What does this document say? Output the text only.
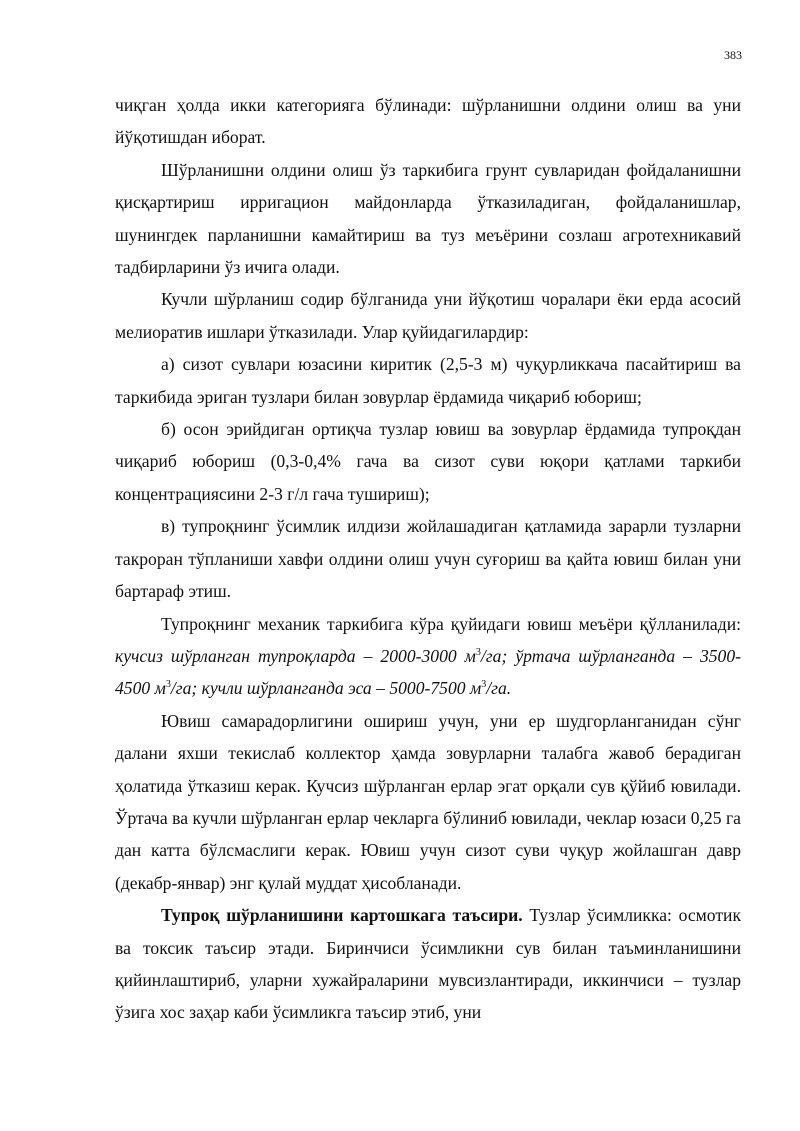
383

чиқган ҳолда икки категорияга бўлинади: шўрланишни олдини олиш ва уни йўқотишдан иборат.

Шўрланишни олдини олиш ўз таркибига грунт сувларидан фойдаланишни қисқартириш ирригацион майдонларда ўтказиладиган, фойдаланишлар, шунингдек парланишни камайтириш ва туз меъёрини созлаш агротехникавий тадбирларини ўз ичига олади.

Кучли шўрланиш содир бўлганида уни йўқотиш чоралари ёки ерда асосий мелиоратив ишлари ўтказилади. Улар қуйидагилардир:

а) сизот сувлари юзасини киритик (2,5-3 м) чуқурликкача пасайтириш ва таркибида эриган тузлари билан зовурлар ёрдамида чиқариб юбориш;

б) осон эрийдиган ортиқча тузлар ювиш ва зовурлар ёрдамида тупроқдан чиқариб юбориш (0,3-0,4% гача ва сизот суви юқори қатлами таркиби концентрациясини 2-3 г/л гача тушириш);

в) тупроқнинг ўсимлик илдизи жойлашадиган қатламида зарарли тузларни такроран тўпланиши хавфи олдини олиш учун суғориш ва қайта ювиш билан уни бартараф этиш.

Тупроқнинг механик таркибига кўра қуйидаги ювиш меъёри қўлланилади: кучсиз шўрланган тупроқларда – 2000-3000 $м^3/га$; ўртача шўрланганда – 3500-4500 $м^3/га$; кучли шўрланганда эса – 5000-7500 $м^3/га$.

Ювиш самарадорлигини ошириш учун, уни ер шудгорланганидан сўнг далани яхши текислаб коллектор ҳамда зовурларни талабга жавоб берадиган ҳолатида ўтказиш керак. Кучсиз шўрланган ерлар эгат орқали сув қўйиб ювилади. Ўртача ва кучли шўрланган ерлар чекларга бўлиниб ювилади, чеклар юзаси 0,25 га дан катта бўлсмаслиги керак. Ювиш учун сизот суви чуқур жойлашган давр (декабр-январ) энг қулай муддат ҳисобланади.

Тупроқ шўрланишини картошкага таъсири. Тузлар ўсимликка: осмотик ва токсик таъсир этади. Биринчиси ўсимликни сув билан таъминланишини қийинлаштириб, уларни хужайраларини мувсизлантиради, иккинчиси – тузлар ўзига хос заҳар каби ўсимликга таъсир этиб, уни
